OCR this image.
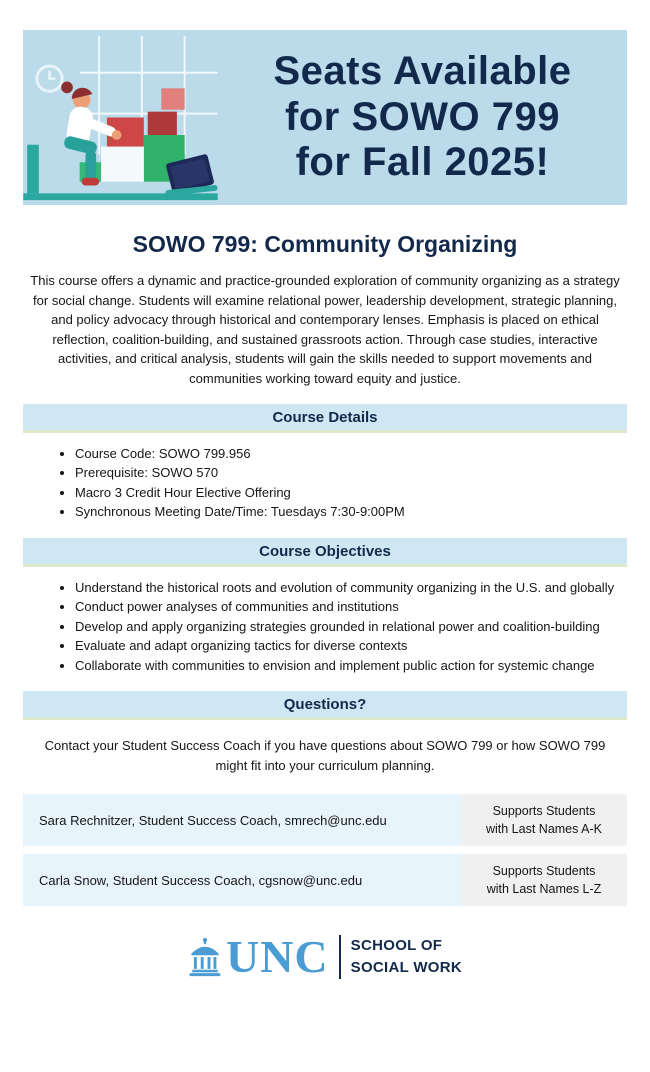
Seats Available
for SOWO 799
for Fall 2025!
SOWO 799: Community Organizing

This course offers a dynamic and practice-grounded exploration of community organizing as a strategy for social change. Students will examine relational power, leadership development, strategic planning, and policy advocacy through historical and contemporary lenses. Emphasis is placed on ethical reflection, coalition-building, and sustained grassroots action. Through case studies, interactive activities, and critical analysis, students will gain the skills needed to support movements and communities working toward equity and justice.

Course Details
• Course Code: SOWO 799.956
• Prerequisite: SOWO 570
• Macro 3 Credit Hour Elective Offering
• Synchronous Meeting Date/Time: Tuesdays 7:30-9:00PM
Course Objectives
• Understand the historical roots and evolution of community organizing in the U.S. and globally
• Conduct power analyses of communities and institutions
• Develop and apply organizing strategies grounded in relational power and coalition-building
• Evaluate and adapt organizing tactics for diverse contexts
• Collaborate with communities to envision and implement public action for systemic change
Questions?

Contact your Student Success Coach if you have questions about SOWO 799 or how SOWO 799 might fit into your curriculum planning.

Sara Rechnitzer, Student Success Coach, smrech@unc.edu
Supports Students
with Last Names A-K
Carla Snow, Student Success Coach, cgsnow@unc.edu
Supports Students
with Last Names L-Z
UNC SCHOOL OF
SOCIAL WORK
